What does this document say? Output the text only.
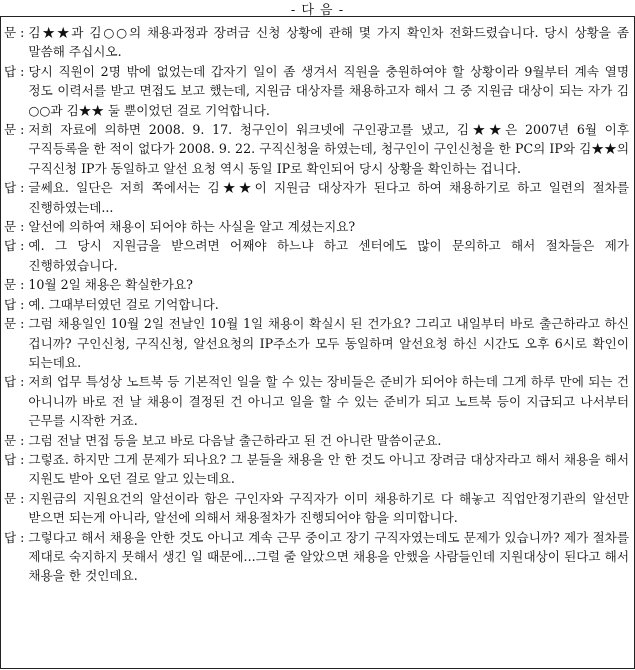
- 다 음 -
문 : 김★★과 김○○의 채용과정과 장려금 신청 상황에 관해 몇 가지 확인차 전화드렸습니다. 당시 상황을 좀 말씀해 주십시오.
답 : 당시 직원이 2명 밖에 없었는데 갑자기 일이 좀 생겨서 직원을 충원하여야 할 상황이라 9월부터 계속 열명 정도 이력서를 받고 면접도 보고 했는데, 지원금 대상자를 채용하고자 해서 그 중 지원금 대상이 되는 자가 김○○과 김★★ 둘 뿐이었던 걸로 기억합니다.
문 : 저희 자료에 의하면 2008. 9. 17. 청구인이 워크넷에 구인광고를 냈고, 김★★은 2007년 6월 이후 구직등록을 한 적이 없다가 2008. 9. 22. 구직신청을 하였는데, 청구인이 구인신청을 한 PC의 IP와 김★★의 구직신청 IP가 동일하고 알선 요청 역시 동일 IP로 확인되어 당시 상황을 확인하는 겁니다.
답 : 글쎄요. 일단은 저희 쪽에서는 김★★이 지원금 대상자가 된다고 하여 채용하기로 하고 일련의 절차를 진행하였는데...
문 : 알선에 의하여 채용이 되어야 하는 사실을 알고 계셨는지요?
답 : 예. 그 당시 지원금을 받으려면 어째야 하느냐 하고 센터에도 많이 문의하고 해서 절차들은 제가 진행하였습니다.
문 : 10월 2일 채용은 확실한가요?
답 : 예. 그때부터였던 걸로 기억합니다.
문 : 그럼 채용일인 10월 2일 전날인 10월 1일 채용이 확실시 된 건가요? 그리고 내일부터 바로 출근하라고 하신 겁니까? 구인신청, 구직신청, 알선요청의 IP주소가 모두 동일하며 알선요청 하신 시간도 오후 6시로 확인이 되는데요.
답 : 저희 업무 특성상 노트북 등 기본적인 일을 할 수 있는 장비들은 준비가 되어야 하는데 그게 하루 만에 되는 건 아니니까 바로 전 날 채용이 결정된 건 아니고 일을 할 수 있는 준비가 되고 노트북 등이 지급되고 나서부터 근무를 시작한 거죠.
문 : 그럼 전날 면접 등을 보고 바로 다음날 출근하라고 된 건 아니란 말씀이군요.
답 : 그렇죠. 하지만 그게 문제가 되나요? 그 분들을 채용을 안 한 것도 아니고 장려금 대상자라고 해서 채용을 해서 지원도 받아 오던 걸로 알고 있는데요.
문 : 지원금의 지원요건의 알선이라 함은 구인자와 구직자가 이미 채용하기로 다 해놓고 직업안정기관의 알선만 받으면 되는게 아니라, 알선에 의해서 채용절차가 진행되어야 함을 의미합니다.
답 : 그렇다고 해서 채용을 안한 것도 아니고 계속 근무 중이고 장기 구직자였는데도 문제가 있습니까? 제가 절차를 제대로 숙지하지 못해서 생긴 일 때문에...그럴 줄 알았으면 채용을 안했을 사람들인데 지원대상이 된다고 해서 채용을 한 것인데요.
